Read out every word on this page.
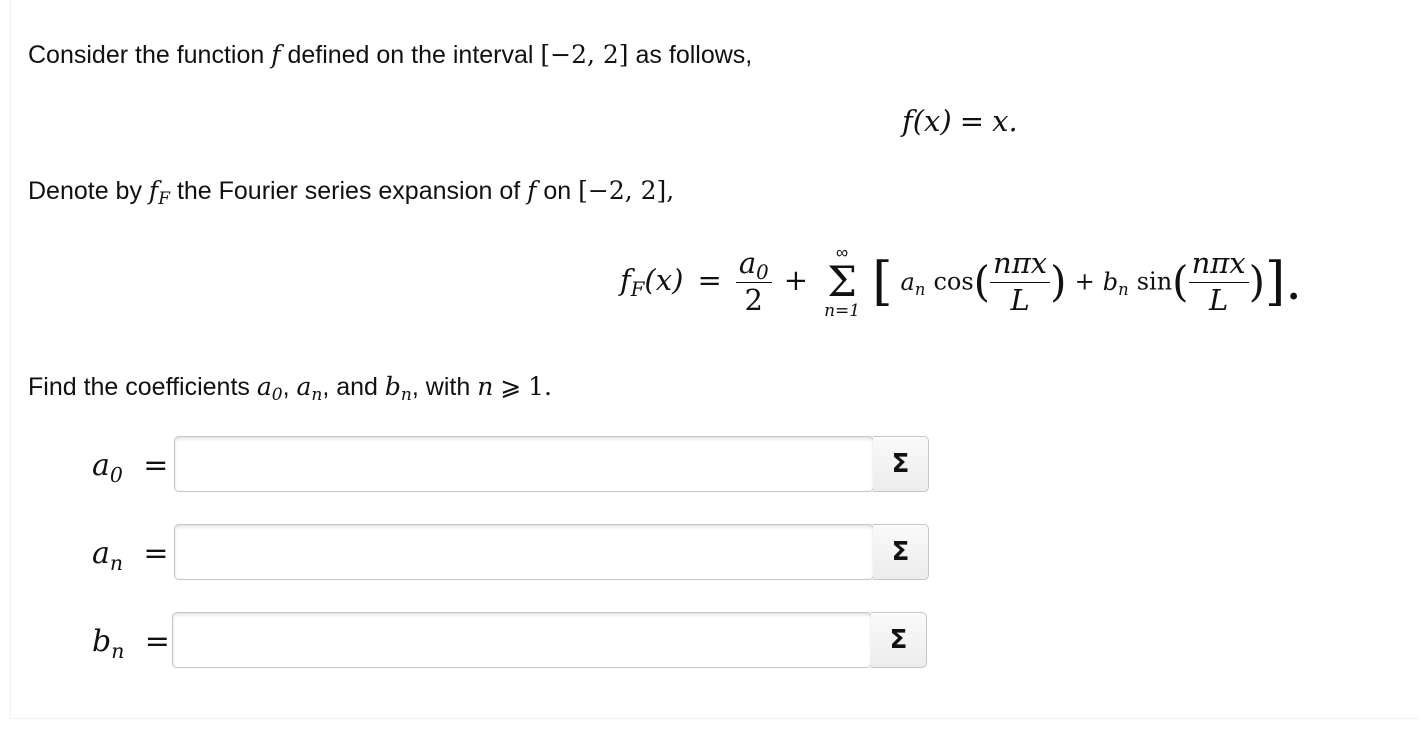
Consider the function f defined on the interval [−2, 2] as follows,
f(x) = x.
Denote by $f_F$ the Fourier series expansion of f on [−2, 2],
$f_F(x) = \frac{a_0}{2}$ +
∞
Σ
n=1 [ $a_n$ $\cos( \frac{\text{nπx}}{L}$ ) + $b_n$ $\sin( \frac{\text{nπx}}{L}$ )].
Find the coefficients $a_0$, $a_n$, and $b_n$, with n ⩾ 1.
$a_0$ =	Σ
$a_n$ =	Σ
$b_n$ =	Σ
